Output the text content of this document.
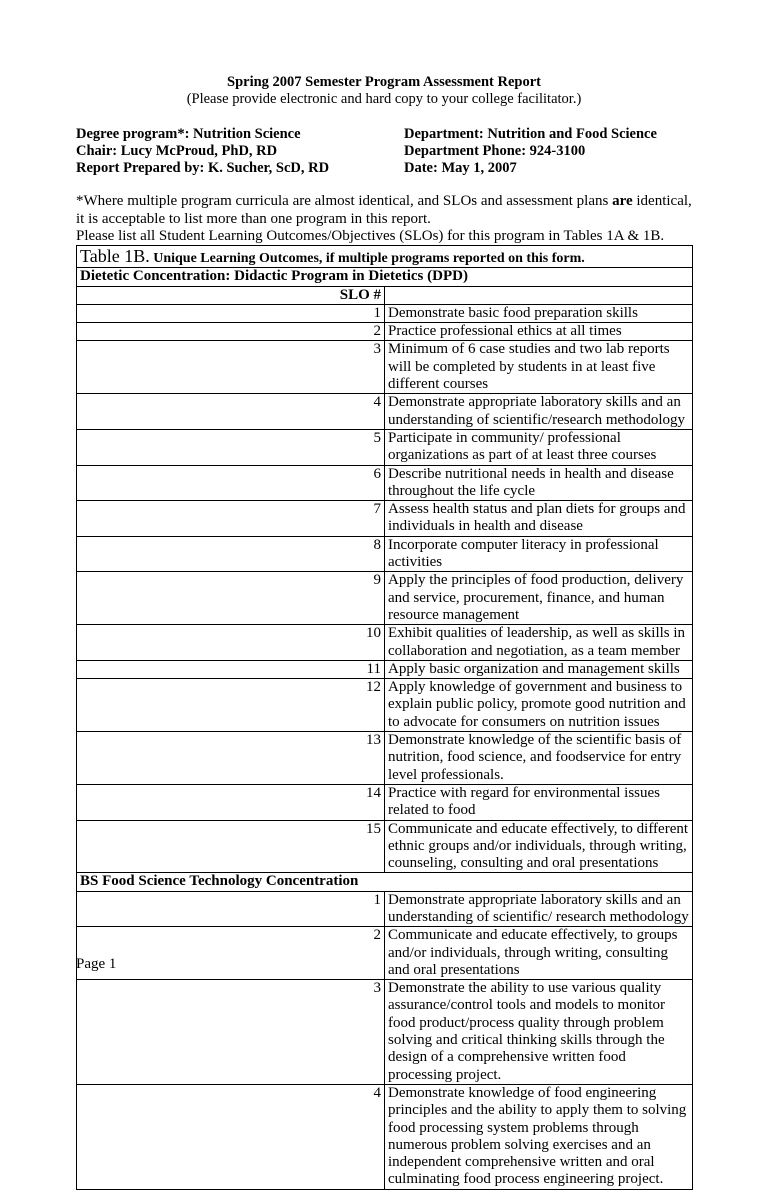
Spring 2007 Semester Program Assessment Report
(Please provide electronic and hard copy to your college facilitator.)
Degree program*: Nutrition Science
Chair: Lucy McProud, PhD, RD
Report Prepared by: K. Sucher, ScD, RD
Department: Nutrition and Food Science
Department Phone: 924-3100
Date: May 1, 2007
*Where multiple program curricula are almost identical, and SLOs and assessment plans are identical,
it is acceptable to list more than one program in this report.
Please list all Student Learning Outcomes/Objectives (SLOs) for this program in Tables 1A & 1B.
Table 1B. Unique Learning Outcomes, if multiple programs reported on this form.	
Dietetic Concentration: Didactic Program in Dietetics (DPD)	
SLO #	
1	Demonstrate basic food preparation skills
2	Practice professional ethics at all times
3	Minimum of 6 case studies and two lab reports will be completed by students in at least five different courses
4	Demonstrate appropriate laboratory skills and an understanding of scientific/research methodology
5	Participate in community/ professional organizations as part of at least three courses
6	Describe nutritional needs in health and disease throughout the life cycle
7	Assess health status and plan diets for groups and individuals in health and disease
8	Incorporate computer literacy in professional activities
9	Apply the principles of food production, delivery and service, procurement, finance, and human resource management
10	Exhibit qualities of leadership, as well as skills in collaboration and negotiation, as a team member
11	Apply basic organization and management skills
12	Apply knowledge of government and business to explain public policy, promote good nutrition and to advocate for consumers on nutrition issues
13	Demonstrate knowledge of the scientific basis of nutrition, food science, and foodservice for entry level professionals.
14	Practice with regard for environmental issues related to food
15	Communicate and educate effectively, to different ethnic groups and/or individuals, through writing, counseling, consulting and oral presentations
BS Food Science Technology Concentration	
1	Demonstrate appropriate laboratory skills and an understanding of scientific/ research methodology
2	Communicate and educate effectively, to groups and/or individuals, through writing, consulting and oral presentations
3	Demonstrate the ability to use various quality assurance/control tools and models to monitor food product/process quality through problem solving and critical thinking skills through the design of a comprehensive written food processing project.
4	Demonstrate knowledge of food engineering principles and the ability to apply them to solving food processing system problems through numerous problem solving exercises and an independent comprehensive written and oral culminating food process engineering project.
Page 1
